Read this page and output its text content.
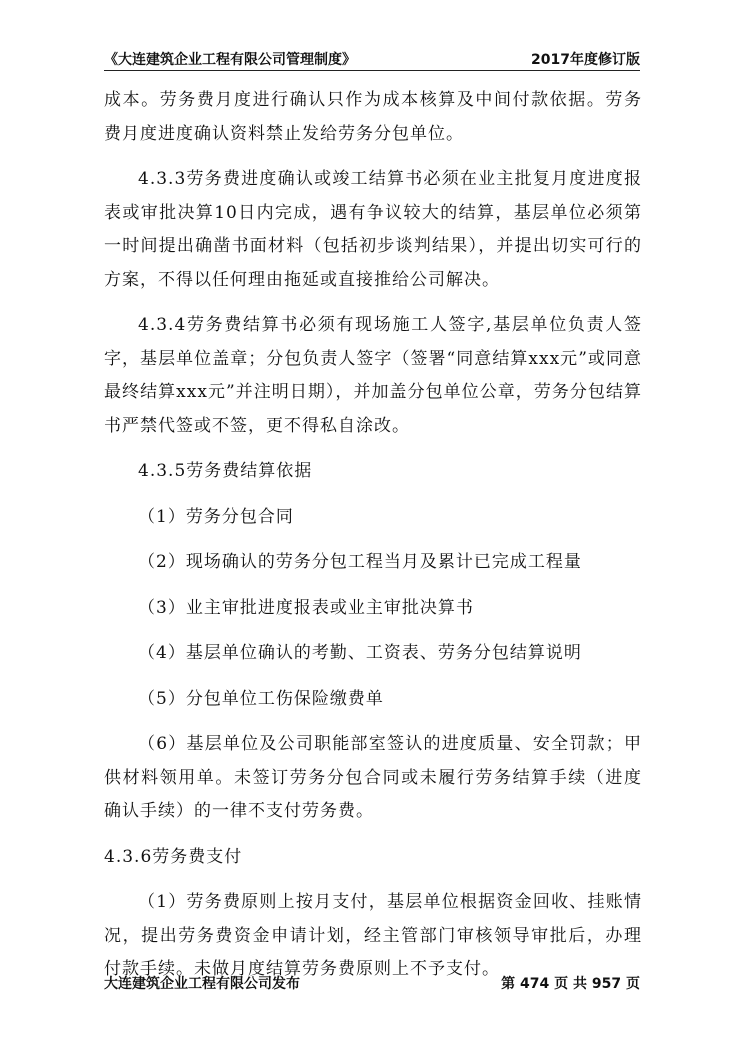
《大连建筑企业工程有限公司管理制度》	2017年度修订版

成本。劳务费月度进行确认只作为成本核算及中间付款依据。劳务费月度进度确认资料禁止发给劳务分包单位。

4.3.3劳务费进度确认或竣工结算书必须在业主批复月度进度报表或审批决算10日内完成，遇有争议较大的结算，基层单位必须第一时间提出确凿书面材料（包括初步谈判结果），并提出切实可行的方案，不得以任何理由拖延或直接推给公司解决。

4.3.4劳务费结算书必须有现场施工人签字,基层单位负责人签字，基层单位盖章；分包负责人签字（签署“同意结算xxx元”或同意最终结算xxx元”并注明日期），并加盖分包单位公章，劳务分包结算书严禁代签或不签，更不得私自涂改。

4.3.5劳务费结算依据

（1）劳务分包合同

（2）现场确认的劳务分包工程当月及累计已完成工程量

（3）业主审批进度报表或业主审批决算书

（4）基层单位确认的考勤、工资表、劳务分包结算说明

（5）分包单位工伤保险缴费单

（6）基层单位及公司职能部室签认的进度质量、安全罚款；甲供材料领用单。未签订劳务分包合同或未履行劳务结算手续（进度确认手续）的一律不支付劳务费。

4.3.6劳务费支付

（1）劳务费原则上按月支付，基层单位根据资金回收、挂账情况，提出劳务费资金申请计划，经主管部门审核领导审批后，办理付款手续。未做月度结算劳务费原则上不予支付。

大连建筑企业工程有限公司发布	第 474 页 共 957 页
